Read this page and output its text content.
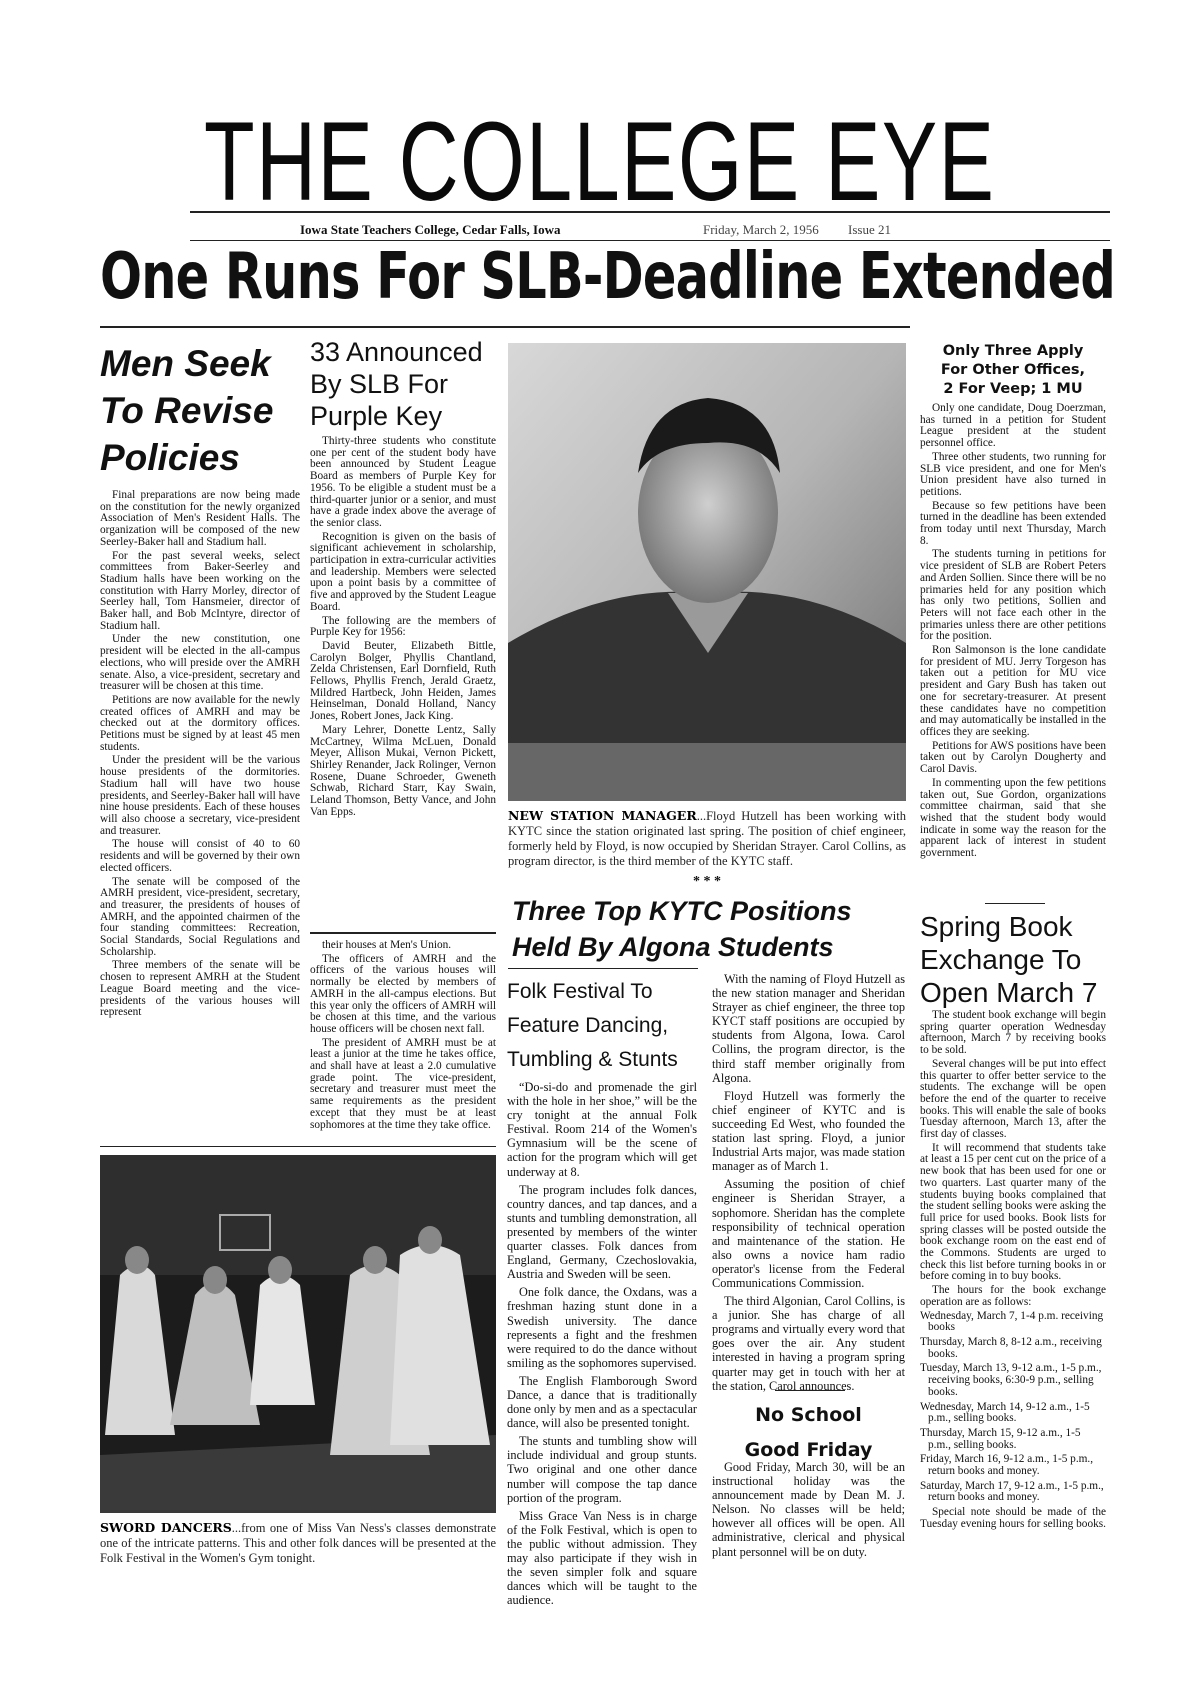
THE COLLEGE EYE
Iowa State Teachers College, Cedar Falls, Iowa	Friday, March 2, 1956 Issue 21
One Runs For SLB-Deadline Extended
Men Seek
To Revise
Policies

Final preparations are now being made on the constitution for the newly organized Association of Men's Resident Halls. The organization will be composed of the new Seerley-Baker hall and Stadium hall.

For the past several weeks, select committees from Baker-Seerley and Stadium halls have been working on the constitution with Harry Morley, director of Seerley hall, Tom Hansmeier, director of Baker hall, and Bob McIntyre, director of Stadium hall.

Under the new constitution, one president will be elected in the all-campus elections, who will preside over the AMRH senate. Also, a vice-president, secretary and treasurer will be chosen at this time.

Petitions are now available for the newly created offices of AMRH and may be checked out at the dormitory offices. Petitions must be signed by at least 45 men students.

Under the president will be the various house presidents of the dormitories. Stadium hall will have two house presidents, and Seerley-Baker hall will have nine house presidents. Each of these houses will also choose a secretary, vice-president and treasurer.

The house will consist of 40 to 60 residents and will be governed by their own elected officers.

The senate will be composed of the AMRH president, vice-president, secretary, and treasurer, the presidents of houses of AMRH, and the appointed chairmen of the four standing committees: Recreation, Social Standards, Social Regulations and Scholarship.

Three members of the senate will be chosen to represent AMRH at the Student League Board meeting and the vice-presidents of the various houses will represent

33 Announced
By SLB For
Purple Key

Thirty-three students who constitute one per cent of the student body have been announced by Student League Board as members of Purple Key for 1956. To be eligible a student must be a third-quarter junior or a senior, and must have a grade index above the average of the senior class.

Recognition is given on the basis of significant achievement in scholarship, participation in extra-curricular activities and leadership. Members were selected upon a point basis by a committee of five and approved by the Student League Board.

The following are the members of Purple Key for 1956:

David Beuter, Elizabeth Bittle, Carolyn Bolger, Phyllis Chantland, Zelda Christensen, Earl Dornfield, Ruth Fellows, Phyllis French, Jerald Graetz, Mildred Hartbeck, John Heiden, James Heinselman, Donald Holland, Nancy Jones, Robert Jones, Jack King.

Mary Lehrer, Donette Lentz, Sally McCartney, Wilma McLuen, Donald Meyer, Allison Mukai, Vernon Pickett, Shirley Renander, Jack Rolinger, Vernon Rosene, Duane Schroeder, Gweneth Schwab, Richard Starr, Kay Swain, Leland Thomson, Betty Vance, and John Van Epps.

their houses at Men's Union.

The officers of AMRH and the officers of the various houses will normally be elected by members of AMRH in the all-campus elections. But this year only the officers of AMRH will be chosen at this time, and the various house officers will be chosen next fall.

The president of AMRH must be at least a junior at the time he takes office, and shall have at least a 2.0 cumulative grade point. The vice-president, secretary and treasurer must meet the same requirements as the president except that they must be at least sophomores at the time they take office.

NEW STATION MANAGER...Floyd Hutzell has been working with KYTC since the station originated last spring. The position of chief engineer, formerly held by Floyd, is now occupied by Sheridan Strayer. Carol Collins, as program director, is the third member of the KYTC staff.
* * *
Three Top KYTC Positions
Held By Algona Students
Folk Festival To
Feature Dancing,
Tumbling & Stunts

“Do-si-do and promenade the girl with the hole in her shoe,” will be the cry tonight at the annual Folk Festival. Room 214 of the Women's Gymnasium will be the scene of action for the program which will get underway at 8.

The program includes folk dances, country dances, and tap dances, and a stunts and tumbling demonstration, all presented by members of the winter quarter classes. Folk dances from England, Germany, Czechoslovakia, Austria and Sweden will be seen.

One folk dance, the Oxdans, was a freshman hazing stunt done in a Swedish university. The dance represents a fight and the freshmen were required to do the dance without smiling as the sophomores supervised.

The English Flamborough Sword Dance, a dance that is traditionally done only by men and as a spectacular dance, will also be presented tonight.

The stunts and tumbling show will include individual and group stunts. Two original and one other dance number will compose the tap dance portion of the program.

Miss Grace Van Ness is in charge of the Folk Festival, which is open to the public without admission. They may also participate if they wish in the seven simpler folk and square dances which will be taught to the audience.

With the naming of Floyd Hutzell as the new station manager and Sheridan Strayer as chief engineer, the three top KYCT staff positions are occupied by students from Algona, Iowa. Carol Collins, the program director, is the third staff member originally from Algona.

Floyd Hutzell was formerly the chief engineer of KYTC and is succeeding Ed West, who founded the station last spring. Floyd, a junior Industrial Arts major, was made station manager as of March 1.

Assuming the position of chief engineer is Sheridan Strayer, a sophomore. Sheridan has the complete responsibility of technical operation and maintenance of the station. He also owns a novice ham radio operator's license from the Federal Communications Commission.

The third Algonian, Carol Collins, is a junior. She has charge of all programs and virtually every word that goes over the air. Any student interested in having a program spring quarter may get in touch with her at the station, Carol announces.

No School
Good Friday

Good Friday, March 30, will be an instructional holiday was the announcement made by Dean M. J. Nelson. No classes will be held; however all offices will be open. All administrative, clerical and physical plant personnel will be on duty.

SWORD DANCERS...from one of Miss Van Ness's classes demonstrate one of the intricate patterns. This and other folk dances will be presented at the Folk Festival in the Women's Gym tonight.
Only Three Apply
For Other Offices,
2 For Veep; 1 MU

Only one candidate, Doug Doerzman, has turned in a petition for Student League president at the student personnel office.

Three other students, two running for SLB vice president, and one for Men's Union president have also turned in petitions.

Because so few petitions have been turned in the deadline has been extended from today until next Thursday, March 8.

The students turning in petitions for vice president of SLB are Robert Peters and Arden Sollien. Since there will be no primaries held for any position which has only two petitions, Sollien and Peters will not face each other in the primaries unless there are other petitions for the position.

Ron Salmonson is the lone candidate for president of MU. Jerry Torgeson has taken out a petition for MU vice president and Gary Bush has taken out one for secretary-treasurer. At present these candidates have no competition and may automatically be installed in the offices they are seeking.

Petitions for AWS positions have been taken out by Carolyn Dougherty and Carol Davis.

In commenting upon the few petitions taken out, Sue Gordon, organizations committee chairman, said that she wished that the student body would indicate in some way the reason for the apparent lack of interest in student government.

Spring Book
Exchange To
Open March 7

The student book exchange will begin spring quarter operation Wednesday afternoon, March 7 by receiving books to be sold.

Several changes will be put into effect this quarter to offer better service to the students. The exchange will be open before the end of the quarter to receive books. This will enable the sale of books Tuesday afternoon, March 13, after the first day of classes.

It will recommend that students take at least a 15 per cent cut on the price of a new book that has been used for one or two quarters. Last quarter many of the students buying books complained that the student selling books were asking the full price for used books. Book lists for spring classes will be posted outside the book exchange room on the east end of the Commons. Students are urged to check this list before turning books in or before coming in to buy books.

The hours for the book exchange operation are as follows:

Wednesday, March 7, 1-4 p.m. receiving books

Thursday, March 8, 8-12 a.m., receiving books.

Tuesday, March 13, 9-12 a.m., 1-5 p.m., receiving books, 6:30-9 p.m., selling books.

Wednesday, March 14, 9-12 a.m., 1-5 p.m., selling books.

Thursday, March 15, 9-12 a.m., 1-5 p.m., selling books.

Friday, March 16, 9-12 a.m., 1-5 p.m., return books and money.

Saturday, March 17, 9-12 a.m., 1-5 p.m., return books and money.

Special note should be made of the Tuesday evening hours for selling books.
